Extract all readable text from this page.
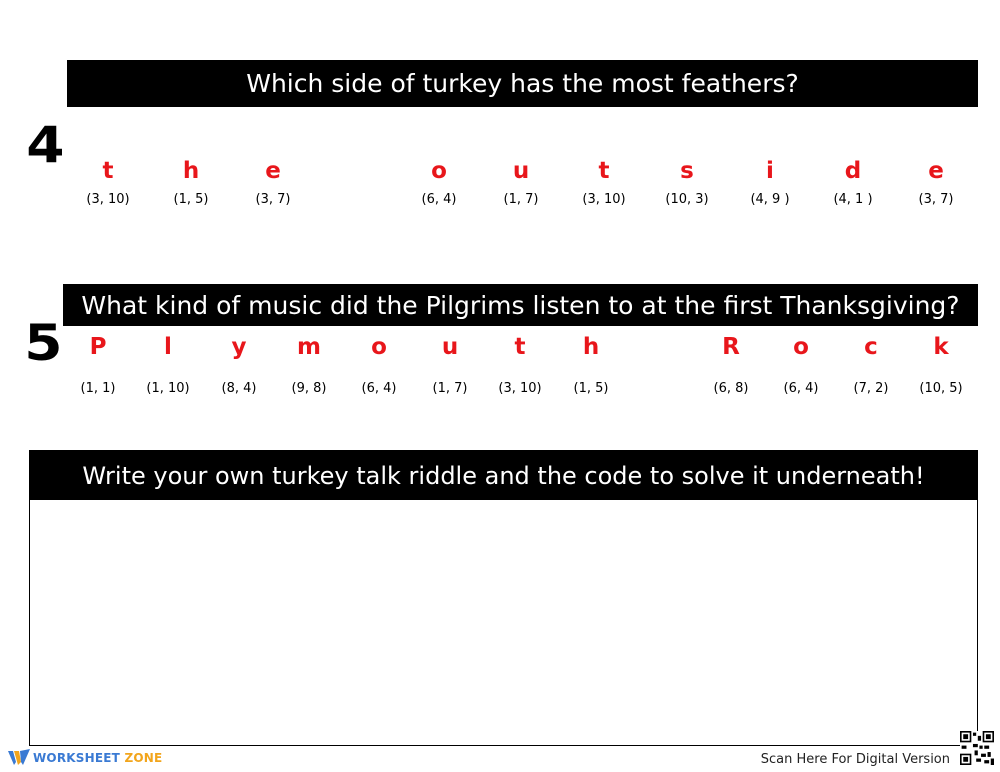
Which side of turkey has the most feathers?
4	t
(3, 10)
h
(1, 5)
e
(3, 7)
o
(6, 4)
u
(1, 7)
t
(3, 10)
s
(10, 3)
i
(4, 9 )
d
(4, 1 )
e
(3, 7)
What kind of music did the Pilgrims listen to at the first Thanksgiving?
5	P
(1, 1)
l
(1, 10)
y
(8, 4)
m
(9, 8)
o
(6, 4)
u
(1, 7)
t
(3, 10)
h
(1, 5)
R
(6, 8)
o
(6, 4)
c
(7, 2)
k
(10, 5)
Write your own turkey talk riddle and the code to solve it underneath!
WORKSHEET ZONE	Scan Here For Digital Version
